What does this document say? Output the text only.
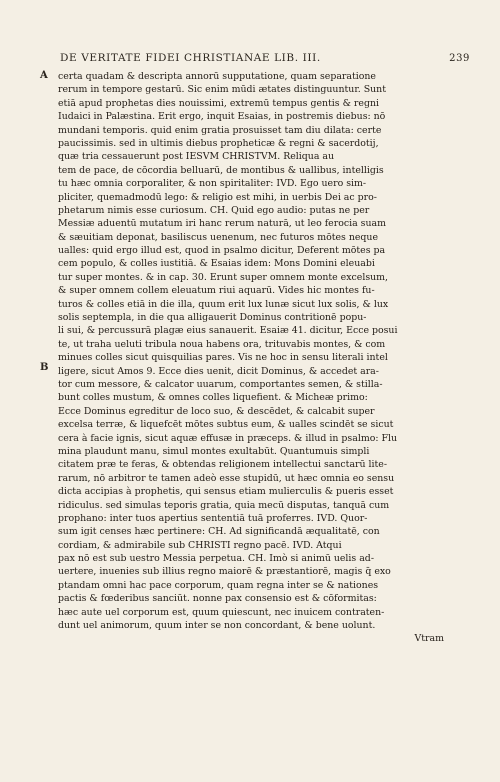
DE VERITATE FIDEI CHRISTIANAE LIB. III.	239
A
B
certa quadam & descripta annorū supputatione, quam separatione
rerum in tempore gestarū. Sic enim mūdi ætates distinguuntur. Sunt
etiā apud prophetas dies nouissimi, extremū tempus gentis & regni
Iudaici in Palæstina. Erit ergo, inquit Esaias, in postremis diebus: nō
mundani temporis. quid enim gratia prosuisset tam diu dilata: certe
paucissimis. sed in ultimis diebus propheticæ & regni & sacerdotij,
quæ tria cessauerunt post IESVM CHRISTVM. Reliqua au
tem de pace, de cōcordia belluarū, de montibus & uallibus, intelligis
tu hæc omnia corporaliter, & non spiritaliter: IVD. Ego uero sim-
pliciter, quemadmodū lego: & religio est mihi, in uerbis Dei ac pro-
phetarum nimis esse curiosum. CH. Quid ego audio: putas ne per
Messiæ aduentū mutatum iri hanc rerum naturā, ut leo ferocia suam
& sæuitiam deponat, basiliscus uenenum, nec futuros mōtes neque
ualles: quid ergo illud est, quod in psalmo dicitur, Deferent mōtes pa
cem populo, & colles iustitiā. & Esaias idem: Mons Domini eleuabi
tur super montes. & in cap. 30. Erunt super omnem monte excelsum,
& super omnem collem eleuatum riui aquarū. Vides hic montes fu-
turos & colles etiā in die illa, quum erit lux lunæ sicut lux solis, & lux
solis septempla, in die qua alligauerit Dominus contritionē popu-
li sui, & percussurā plagæ eius sanauerit. Esaiæ 41. dicitur, Ecce posui
te, ut traha ueluti tribula noua habens ora, trituvabis montes, & com
minues colles sicut quisquilias pares. Vis ne hoc in sensu literali intel
ligere, sicut Amos 9. Ecce dies uenit, dicit Dominus, & accedet ara-
tor cum messore, & calcator uuarum, comportantes semen, & stilla-
bunt colles mustum, & omnes colles liquefient. & Micheæ primo:
Ecce Dominus egreditur de loco suo, & descēdet, & calcabit super
excelsa terræ, & liquefcēt mōtes subtus eum, & ualles scindēt se sicut
cera à facie ignis, sicut aquæ effusæ in præceps. & illud in psalmo: Flu
mina plaudunt manu, simul montes exultabūt. Quantumuis simpli
citatem præ te feras, & obtendas religionem intellectui sanctarū lite-
rarum, nō arbitror te tamen adeò esse stupidū, ut hæc omnia eo sensu
dicta accipias à prophetis, qui sensus etiam mulierculis & pueris esset
ridiculus. sed simulas teporis gratia, quia mecū disputas, tanquā cum
prophano: inter tuos apertius sententiā tuā proferres. IVD. Quor-
sum igit censes hæc pertinere: CH. Ad significandā æqualitatē, con
cordiam, & admirabile sub CHRISTI regno pacē. IVD. Atqui
pax nō est sub uestro Messia perpetua. CH. Imò si animū uelis ad-
uertere, inuenies sub illius regno maiorē & præstantiorē, magis q̄ exo
ptandam omni hac pace corporum, quam regna inter se & nationes
pactis & fœderibus sanciūt. nonne pax consensio est & cōformitas:
hæc aute uel corporum est, quum quiescunt, nec inuicem contraten-
dunt uel animorum, quum inter se non concordant, & bene uolunt.
Vtram
